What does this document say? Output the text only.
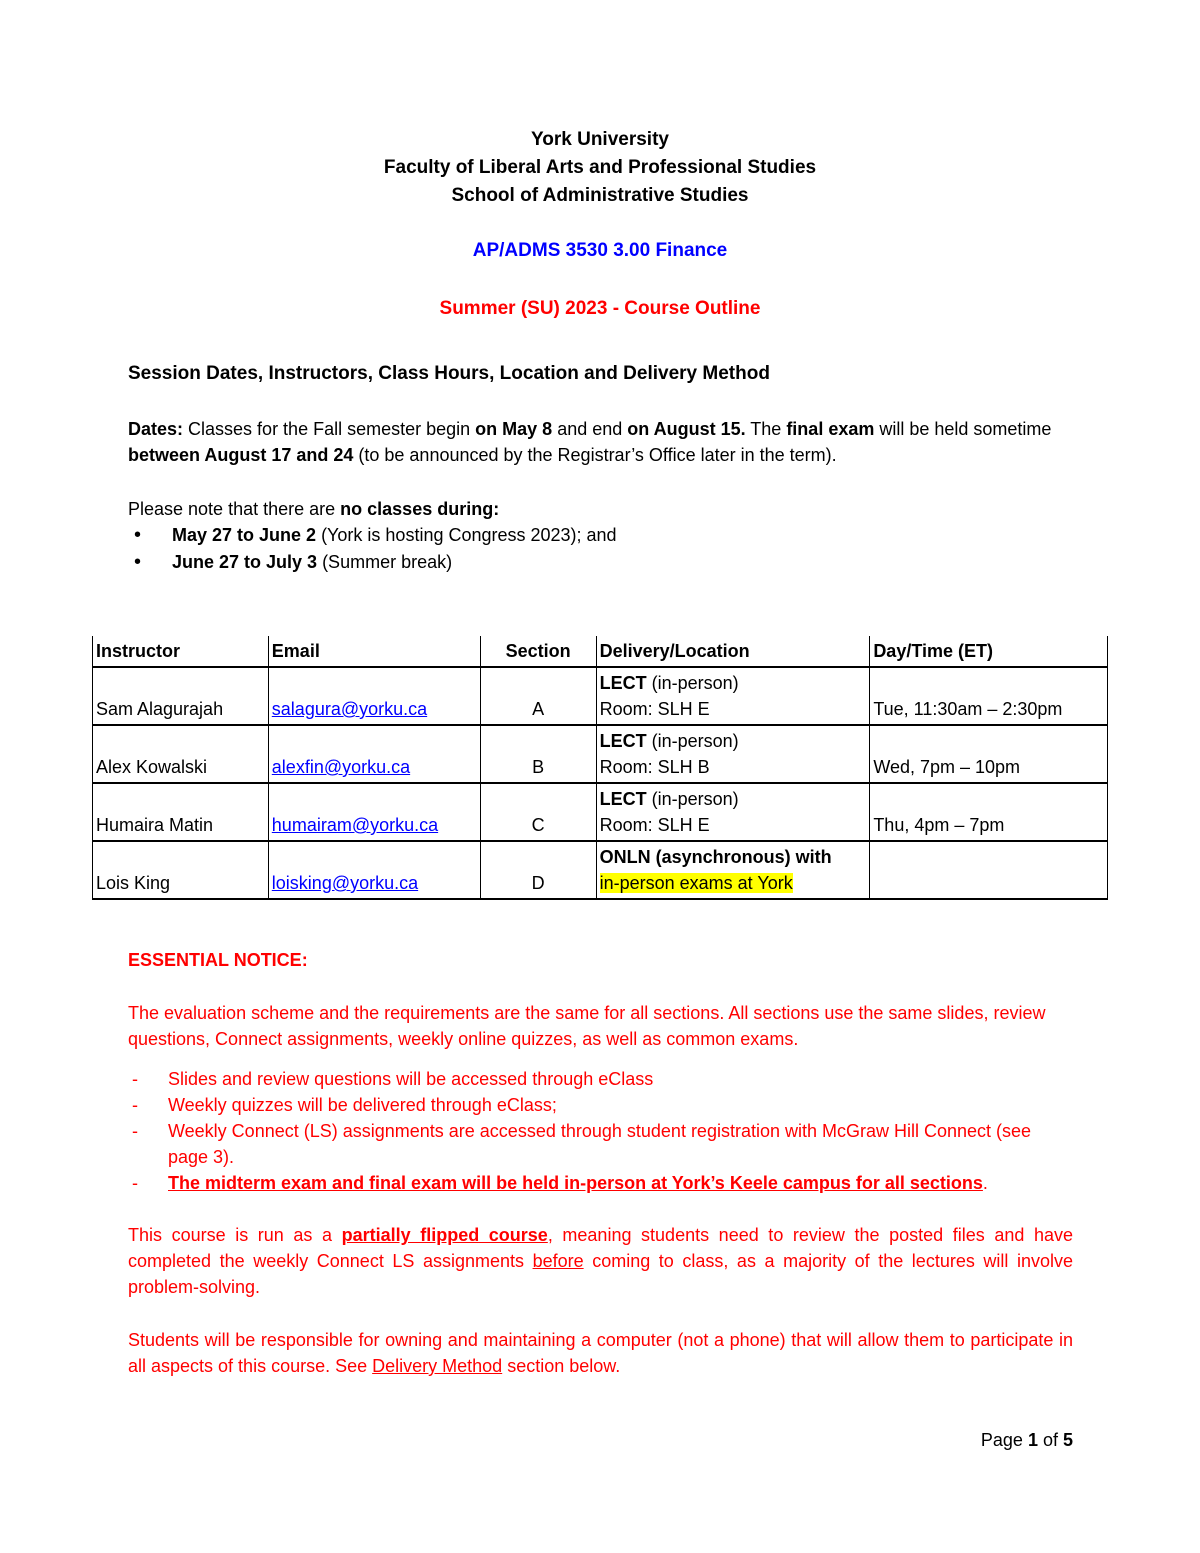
York University
Faculty of Liberal Arts and Professional Studies
School of Administrative Studies
AP/ADMS 3530 3.00 Finance
Summer (SU) 2023 - Course Outline
Session Dates, Instructors, Class Hours, Location and Delivery Method
Dates: Classes for the Fall semester begin on May 8 and end on August 15. The final exam will be held sometime between August 17 and 24 (to be announced by the Registrar’s Office later in the term).
Please note that there are no classes during:
• May 27 to June 2 (York is hosting Congress 2023); and
• June 27 to July 3 (Summer break)
Instructor	Email	Section	Delivery/Location	Day/Time (ET)
Sam Alagurajah	salagura@yorku.ca	A	LECT (in-person)
Room: SLH E	Tue, 11:30am – 2:30pm
Alex Kowalski	alexfin@yorku.ca	B	LECT (in-person)
Room: SLH B	Wed, 7pm – 10pm
Humaira Matin	humairam@yorku.ca	C	LECT (in-person)
Room: SLH E	Thu, 4pm – 7pm
Lois King	loisking@yorku.ca	D	ONLN (asynchronous) with
in-person exams at York	
ESSENTIAL NOTICE:
The evaluation scheme and the requirements are the same for all sections. All sections use the same slides, review questions, Connect assignments, weekly online quizzes, as well as common exams.
- Slides and review questions will be accessed through eClass
- Weekly quizzes will be delivered through eClass;
- Weekly Connect (LS) assignments are accessed through student registration with McGraw Hill Connect (see page 3).
- The midterm exam and final exam will be held in-person at York’s Keele campus for all sections.
This course is run as a partially flipped course, meaning students need to review the posted files and have completed the weekly Connect LS assignments before coming to class, as a majority of the lectures will involve problem-solving.
Students will be responsible for owning and maintaining a computer (not a phone) that will allow them to participate in all aspects of this course. See Delivery Method section below.
Page 1 of 5
